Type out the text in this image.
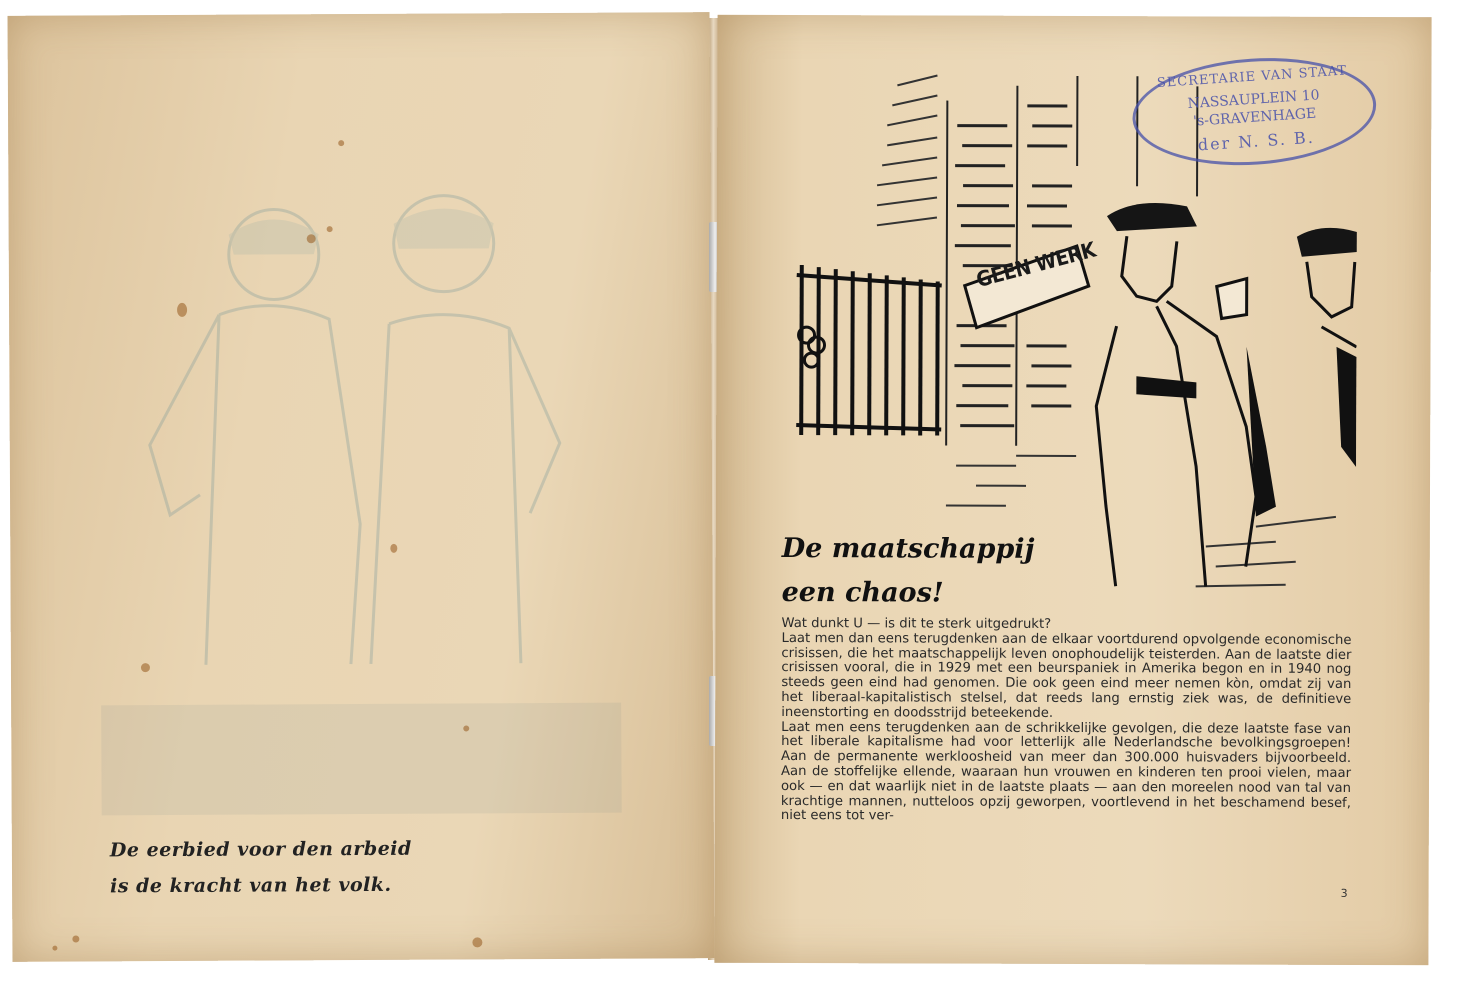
De eerbied voor den arbeid
is de kracht van het volk.
GEEN WERK
SECRETARIE VAN STAAT
NASSAUPLEIN 10
's-GRAVENHAGE
der N. S. B.
De maatschappij
een chaos!

Wat dunkt U — is dit te sterk uitgedrukt?

Laat men dan eens terugdenken aan de elkaar voortdurend opvolgende economische crisissen, die het maatschappelijk leven onophoudelijk teisterden. Aan de laatste dier crisissen vooral, die in 1929 met een beurspaniek in Amerika begon en in 1940 nog steeds geen eind had genomen. Die ook geen eind meer nemen kòn, omdat zij van het liberaal-kapitalistisch stelsel, dat reeds lang ernstig ziek was, de definitieve ineenstorting en doodsstrijd beteekende.

Laat men eens terugdenken aan de schrikkelijke gevolgen, die deze laatste fase van het liberale kapitalisme had voor letterlijk alle Nederlandsche bevolkingsgroepen! Aan de permanente werkloosheid van meer dan 300.000 huisvaders bijvoorbeeld. Aan de stoffelijke ellende, waaraan hun vrouwen en kinderen ten prooi vielen, maar ook — en dat waarlijk niet in de laatste plaats — aan den moreelen nood van tal van krachtige mannen, nutteloos opzij geworpen, voortlevend in het beschamend besef, niet eens tot ver-

3
